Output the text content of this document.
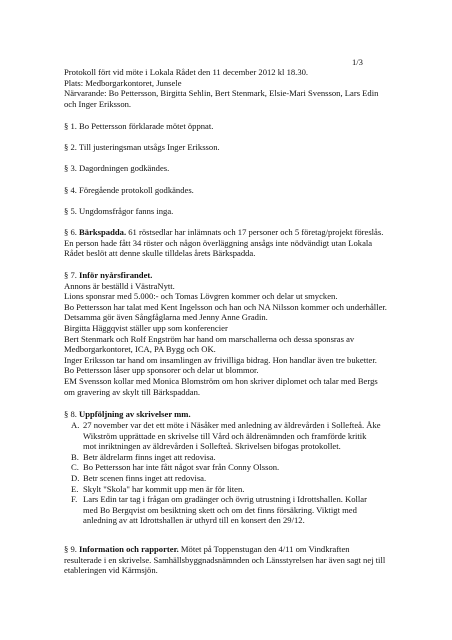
1/3
Protokoll fört vid möte i Lokala Rådet den 11 december 2012 kl 18.30.
Plats: Medborgarkontoret, Junsele
Närvarande: Bo Pettersson, Birgitta Sehlin, Bert Stenmark, Elsie-Mari Svensson, Lars Edin
och Inger Eriksson.
§ 1. Bo Pettersson förklarade mötet öppnat.
§ 2. Till justeringsman utsågs Inger Eriksson.
§ 3. Dagordningen godkändes.
§ 4. Föregående protokoll godkändes.
§ 5. Ungdomsfrågor fanns inga.
§ 6. Bärkspadda. 61 röstsedlar har inlämnats och 17 personer och 5 företag/projekt föreslås.
En person hade fått 34 röster och någon överläggning ansågs inte nödvändigt utan Lokala
Rådet beslöt att denne skulle tilldelas årets Bärkspadda.
§ 7. Inför nyårsfirandet.
Annons är beställd i VästraNytt.
Lions sponsrar med 5.000:- och Tomas Lövgren kommer och delar ut smycken.
Bo Pettersson har talat med Kent Ingelsson och han och NA Nilsson kommer och underhåller.
Detsamma gör även Sångfåglarna med Jenny Anne Gradin.
Birgitta Häggqvist ställer upp som konferencier
Bert Stenmark och Rolf Engström har hand om marschallerna och dessa sponsras av
Medborgarkontoret, ICA, PA Bygg och OK.
Inger Eriksson tar hand om insamlingen av frivilliga bidrag. Hon handlar även tre buketter.
Bo Pettersson låser upp sponsorer och delar ut blommor.
EM Svensson kollar med Monica Blomström om hon skriver diplomet och talar med Bergs
om gravering av skylt till Bärkspaddan.
§ 8. Uppföljning av skrivelser mm.
A. 27 november var det ett möte i Näsåker med anledning av äldrevården i Sollefteå. Åke
Wikström upprättade en skrivelse till Vård och äldrenämnden och framförde kritik
mot inriktningen av äldrevården i Sollefteå. Skrivelsen bifogas protokollet.
B. Betr äldrelarm finns inget att redovisa.
C. Bo Pettersson har inte fått något svar från Conny Olsson.
D. Betr scenen finns inget att redovisa.
E. Skylt "Skola" har kommit upp men är för liten.
F. Lars Edin tar tag i frågan om gradänger och övrig utrustning i Idrottshallen. Kollar
med Bo Bergqvist om besiktning skett och om det finns försäkring. Viktigt med
anledning av att Idrottshallen är uthyrd till en konsert den 29/12.
§ 9. Information och rapporter. Mötet på Toppenstugan den 4/11 om Vindkraften
resulterade i en skrivelse. Samhällsbyggnadsnämnden och Länsstyrelsen har även sagt nej till
etableringen vid Kärmsjön.
